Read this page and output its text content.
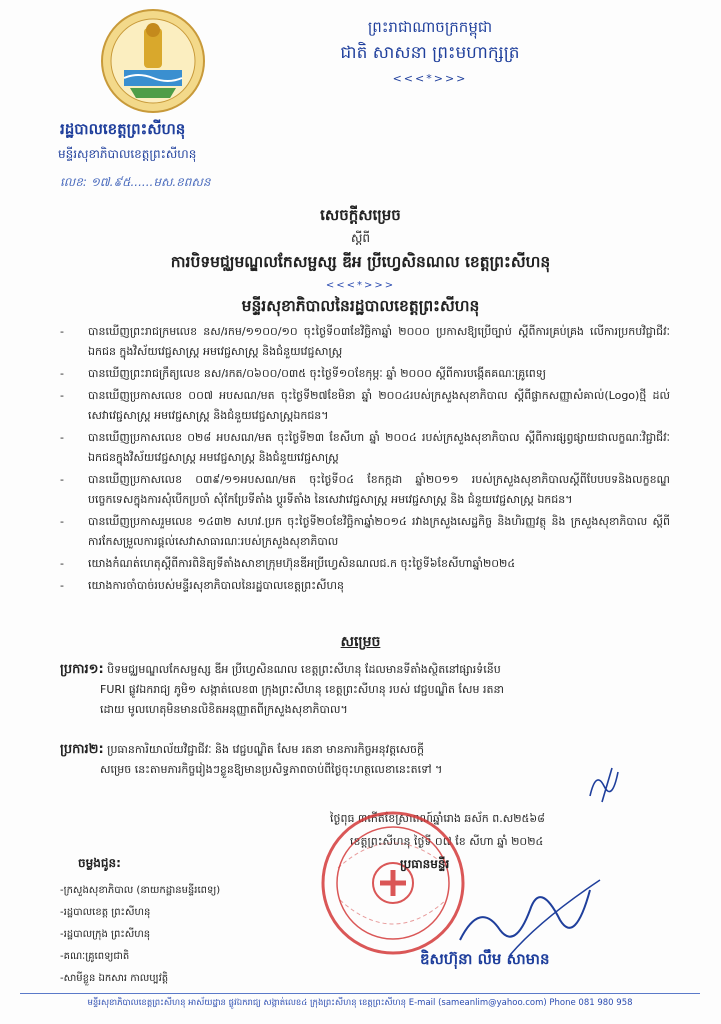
ព្រះរាជាណាចក្រកម្ពុជា
ជាតិ សាសនា ព្រះមហាក្សត្រ
<<<*>>>
រដ្ឋបាលខេត្តព្រះសីហនុ
មន្ទីរសុខាភិបាលខេត្តព្រះសីហនុ
លេខ: ១៧.៩៥......មស.ខពសន
សេចក្តីសម្រេច
ស្តីពី
ការបិទមជ្ឈមណ្ឌលកែសម្ផស្ស ឌីអ ប្រីហ្វេសិនណល ខេត្តព្រះសីហនុ
<<<*>>>
មន្ទីរសុខាភិបាលនៃរដ្ឋបាលខេត្តព្រះសីហនុ
- បានឃើញព្រះរាជក្រមលេខ នស/រកម/១១០០/១០ ចុះថ្ងៃទី០៣ខែវិច្ឆិកាឆ្នាំ ២០០០ ប្រកាសឱ្យប្រើច្បាប់ ស្តីពីការគ្រប់គ្រង លើការប្រកបវិជ្ជាជីវៈឯកជន ក្នុងវិស័យវេជ្ជសាស្ត្រ អមវេជ្ជសាស្ត្រ និងជំនួយវេជ្ជសាស្ត្រ
- បានឃើញព្រះរាជក្រឹត្យលេខ នស/រកត/០៦០០/០៣៥ ចុះថ្ងៃទី១០ខែកុម្ភៈ ឆ្នាំ ២០០០ ស្តីពីការបង្កើតគណៈគ្រូពេទ្យ
- បានឃើញប្រកាសលេខ ០០៧ អបសណ/មត ចុះថ្ងៃទី២៧ខែមិនា ឆ្នាំ ២០០៤របស់ក្រសួងសុខាភិបាល ស្តីពីផ្លាកសញ្ញាសំគាល់(Logo)ថ្មី ដល់សេវាវេជ្ជសាស្ត្រ អមវេជ្ជសាស្ត្រ និងជំនួយវេជ្ជសាស្ត្រឯកជន។
- បានឃើញប្រកាសលេខ ០២៨ អបសណ/មត ចុះថ្ងៃទី២៣ ខែសីហា ឆ្នាំ ២០០៤ របស់ក្រសួងសុខាភិបាល ស្តីពីការផ្សព្វផ្សាយជាលក្ខណៈវិជ្ជាជីវៈឯកជនក្នុងវិស័យវេជ្ជសាស្ត្រ អមវេជ្ជសាស្ត្រ និងជំនួយវេជ្ជសាស្ត្រ
- បានឃើញប្រកាសលេខ ០៣៩/១១អបសណ/មត ចុះថ្ងៃទី០៤ ខែកក្កដា ឆ្នាំ២០១១ របស់ក្រសួងសុខាភិបាលស្តីពីបែបបទនិងលក្ខខណ្ឌ បច្ចេកទេសក្នុងការសុំបើកប្រចាំ សុំកែប្រែទីតាំង ប្តូរទីតាំង នៃសេវាវេជ្ជសាស្ត្រ អមវេជ្ជសាស្ត្រ និង ជំនួយវេជ្ជសាស្ត្រ ឯកជន។
- បានឃើញប្រកាសរួមលេខ ១៤៣២ សហវ.ប្រក ចុះថ្ងៃទី២០ខែវិច្ឆិកាឆ្នាំ២០១៤ រវាងក្រសួងសេដ្ឋកិច្ច និងហិរញ្ញវត្ថុ និង ក្រសួងសុខាភិបាល ស្តីពីការកែសម្រួលការផ្តល់សេវាសាធារណៈរបស់ក្រសួងសុខាភិបាល
- យោងកំណត់ហេតុស្តីពីការពិនិត្យទីតាំងសាខាក្រុមហ៊ុនឌីអប្រីហ្វេសិនណលជ.ក ចុះថ្ងៃទី៦ខែសីហាឆ្នាំ២០២៤
- យោងការចាំបាច់របស់មន្ទីរសុខាភិបាលនៃរដ្ឋបាលខេត្តព្រះសីហនុ
សម្រេច
ប្រការ១: បិទមជ្ឈមណ្ឌលកែសម្ផស្ស ឌីអ ប្រីហ្វេសិនណល ខេត្តព្រះសីហនុ ដែលមានទីតាំងស្ថិតនៅផ្សារទំនើប
FURI ផ្លូវឯករាជ្យ ភូមិ១ សង្កាត់លេខ៣ ក្រុងព្រះសីហនុ ខេត្តព្រះសីហនុ របស់ វេជ្ជបណ្ឌិត សែម រតនា
ដោយ មូលហេតុមិនមានលិខិតអនុញ្ញាតពីក្រសួងសុខាភិបាល។
ប្រការ២: ប្រធានការិយាល័យវិជ្ជាជីវៈ និង វេជ្ជបណ្ឌិត សែម រតនា មានភារកិច្ចអនុវត្តសេចក្តី
សម្រេច នេះតាមភារកិច្ចរៀងៗខ្លួនឱ្យមានប្រសិទ្ធភាពចាប់ពីថ្ងៃចុះហត្ថលេខានេះតទៅ ។
ថ្ងៃពុធ ៣កើតខែស្រាពណ៍ឆ្នាំរោង ឆស័ក ព.ស២៥៦៨
ខេត្តព្រះសីហនុ ថ្ងៃទី ០៧ ខែ សីហា ឆ្នាំ ២០២៤
ប្រធានមន្ទីរ
ឌិសហ៊ុនា លឹម សាមាន
ចម្លងជូន:
-ក្រសួងសុខាភិបាល (នាយកដ្ឋានមន្ទីរពេទ្យ)
-រដ្ឋបាលខេត្ត ព្រះសីហនុ
-រដ្ឋបាលក្រុង ព្រះសីហនុ
-គណៈគ្រូពេទ្យជាតិ
-សាមីខ្លួន ឯកសារ កាលប្បវត្តិ
មន្ទីរសុខាភិបាលខេត្តព្រះសីហនុ អាស័យដ្ឋាន ផ្លូវឯករាជ្យ សង្កាត់លេខ៤ ក្រុងព្រះសីហនុ ខេត្តព្រះសីហនុ E-mail (sameanlim@yahoo.com) Phone 081 980 958
